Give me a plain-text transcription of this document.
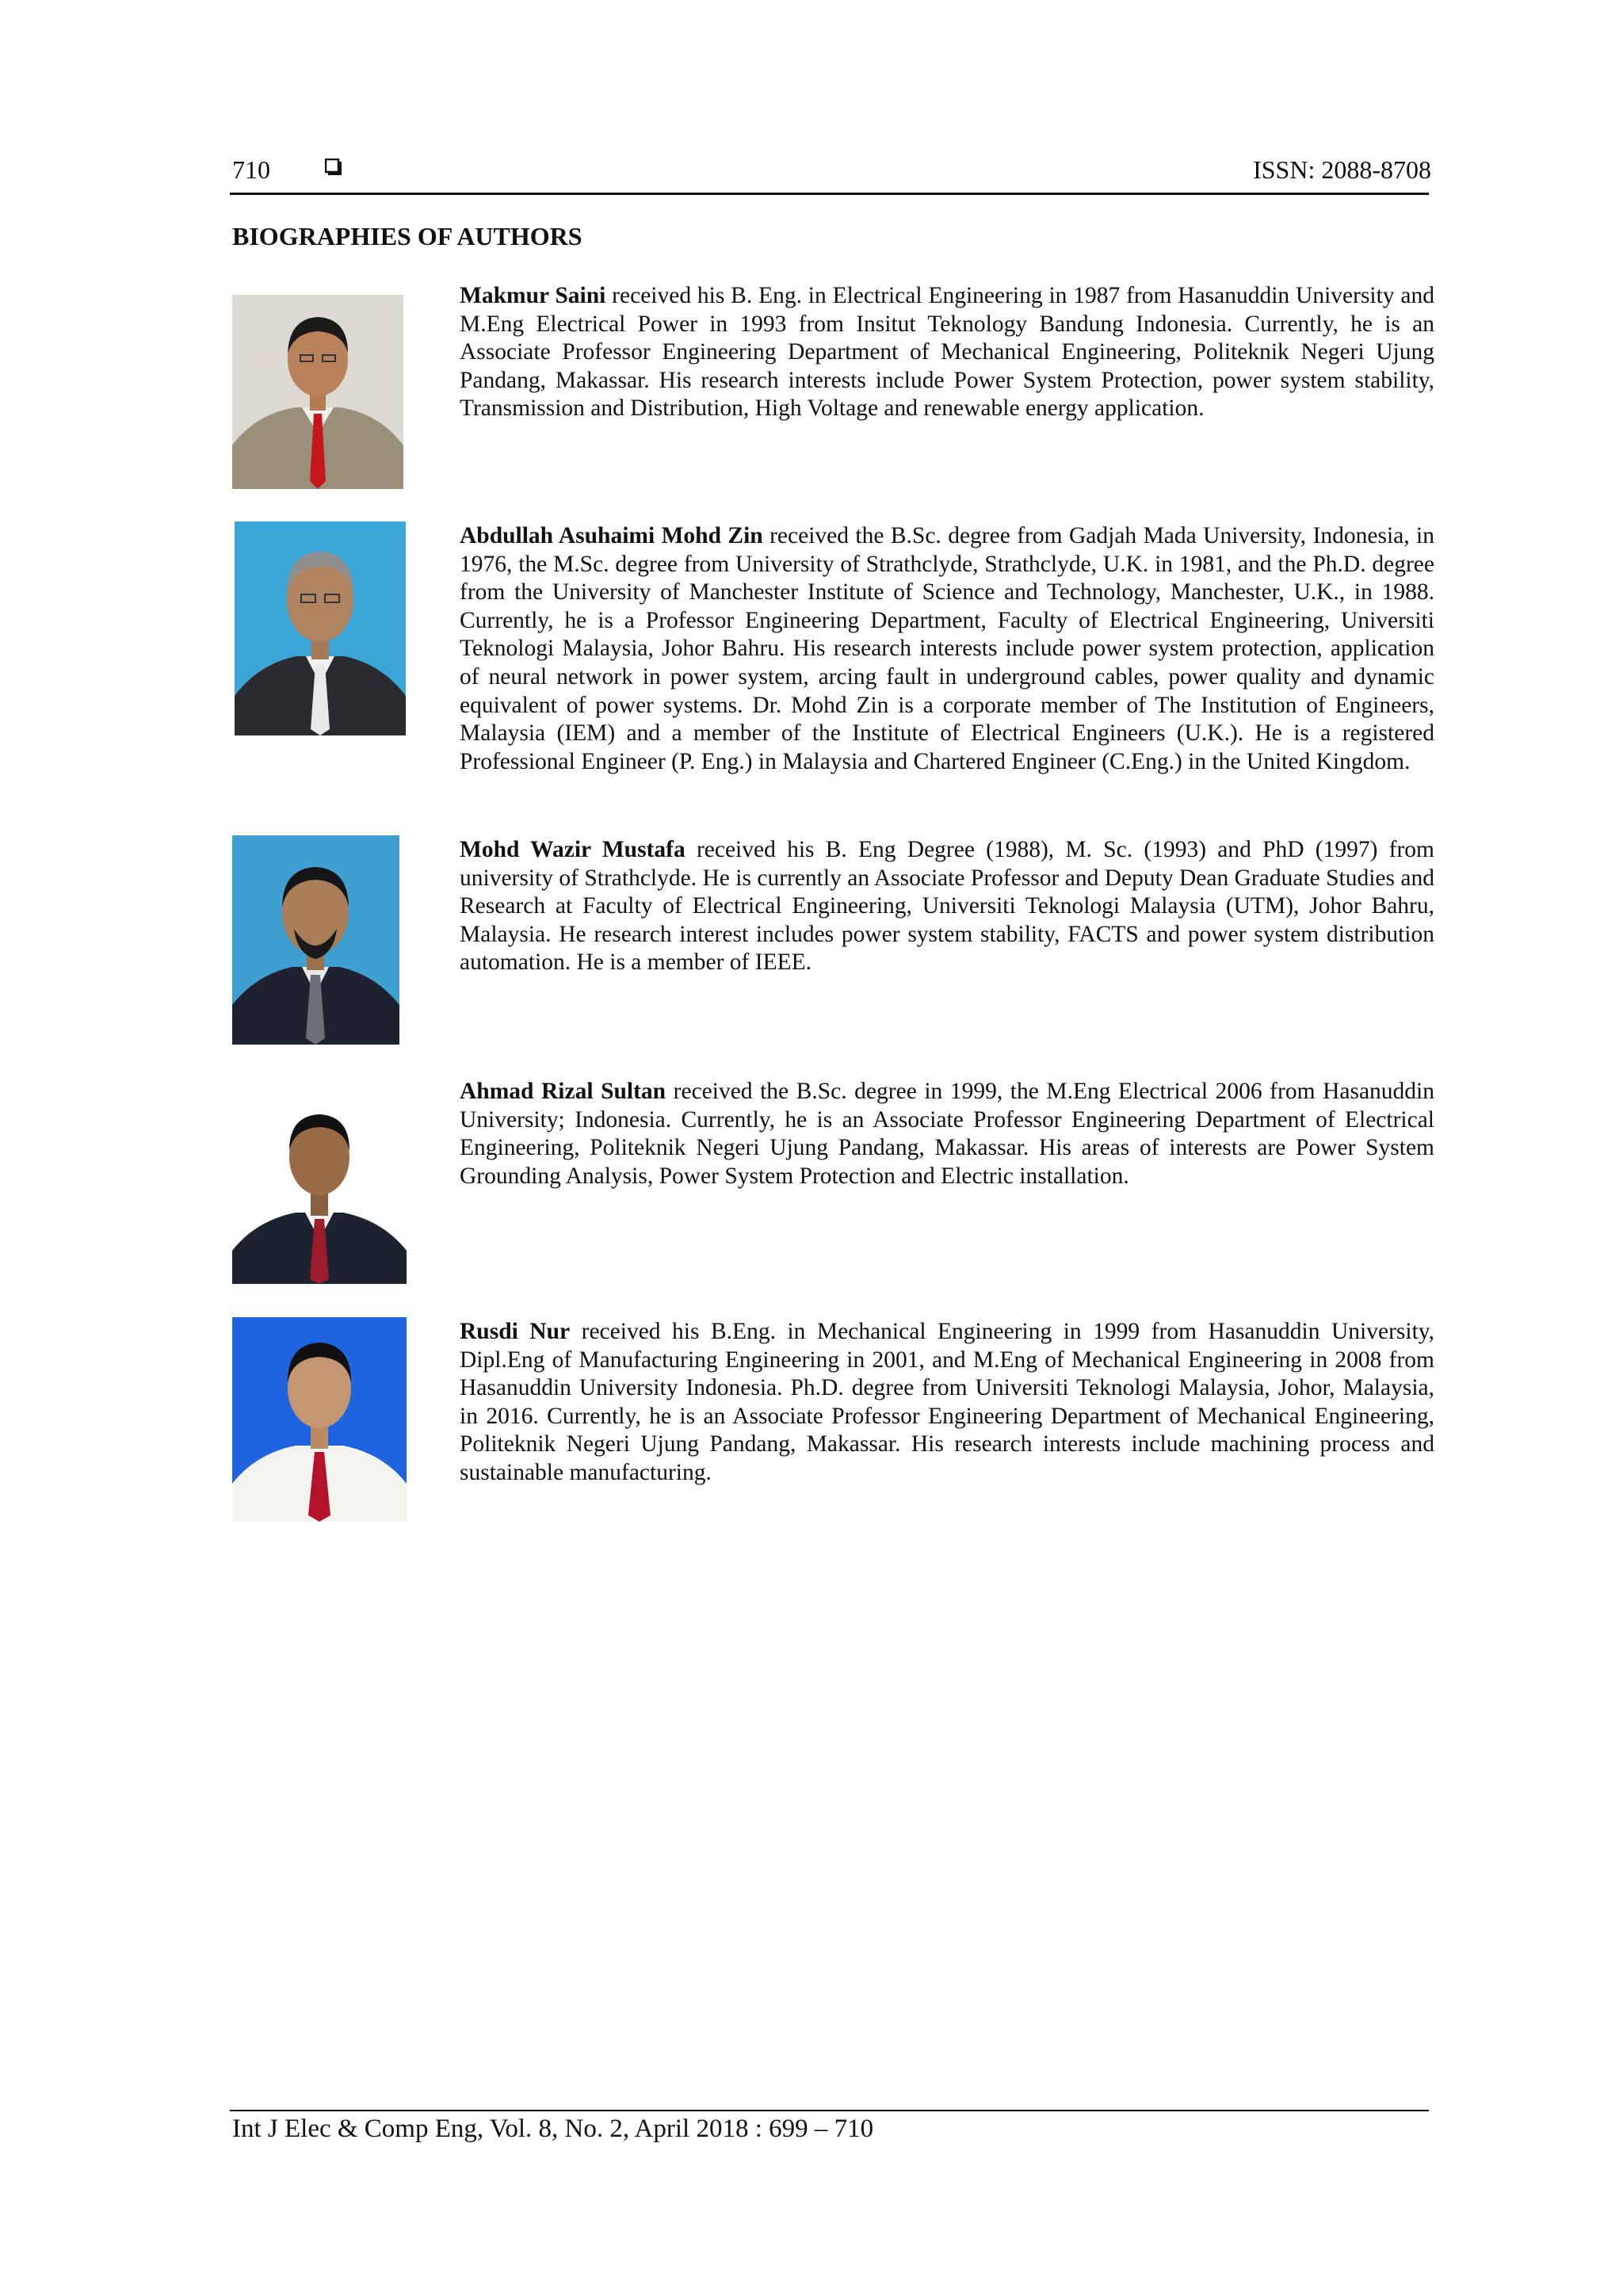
710	ISSN: 2088-8708
BIOGRAPHIES OF AUTHORS
Makmur Saini received his B. Eng. in Electrical Engineering in 1987 from Hasanuddin University and M.Eng Electrical Power in 1993 from Insitut Teknology Bandung Indonesia. Currently, he is an Associate Professor Engineering Department of Mechanical Engineering, Politeknik Negeri Ujung Pandang, Makassar. His research interests include Power System Protection, power system stability, Transmission and Distribution, High Voltage and renewable energy application.
Abdullah Asuhaimi Mohd Zin received the B.Sc. degree from Gadjah Mada University, Indonesia, in 1976, the M.Sc. degree from University of Strathclyde, Strathclyde, U.K. in 1981, and the Ph.D. degree from the University of Manchester Institute of Science and Technology, Manchester, U.K., in 1988. Currently, he is a Professor Engineering Department, Faculty of Electrical Engineering, Universiti Teknologi Malaysia, Johor Bahru. His research interests include power system protection, application of neural network in power system, arcing fault in underground cables, power quality and dynamic equivalent of power systems. Dr. Mohd Zin is a corporate member of The Institution of Engineers, Malaysia (IEM) and a member of the Institute of Electrical Engineers (U.K.). He is a registered Professional Engineer (P. Eng.) in Malaysia and Chartered Engineer (C.Eng.) in the United Kingdom.
Mohd Wazir Mustafa received his B. Eng Degree (1988), M. Sc. (1993) and PhD (1997) from university of Strathclyde. He is currently an Associate Professor and Deputy Dean Graduate Studies and Research at Faculty of Electrical Engineering, Universiti Teknologi Malaysia (UTM), Johor Bahru, Malaysia. He research interest includes power system stability, FACTS and power system distribution automation. He is a member of IEEE.
Ahmad Rizal Sultan received the B.Sc. degree in 1999, the M.Eng Electrical 2006 from Hasanuddin University; Indonesia. Currently, he is an Associate Professor Engineering Department of Electrical Engineering, Politeknik Negeri Ujung Pandang, Makassar. His areas of interests are Power System Grounding Analysis, Power System Protection and Electric installation.
Rusdi Nur received his B.Eng. in Mechanical Engineering in 1999 from Hasanuddin University, Dipl.Eng of Manufacturing Engineering in 2001, and M.Eng of Mechanical Engineering in 2008 from Hasanuddin University Indonesia. Ph.D. degree from Universiti Teknologi Malaysia, Johor, Malaysia, in 2016. Currently, he is an Associate Professor Engineering Department of Mechanical Engineering, Politeknik Negeri Ujung Pandang, Makassar. His research interests include machining process and sustainable manufacturing.
Int J Elec & Comp Eng, Vol. 8, No. 2, April 2018 : 699 – 710
